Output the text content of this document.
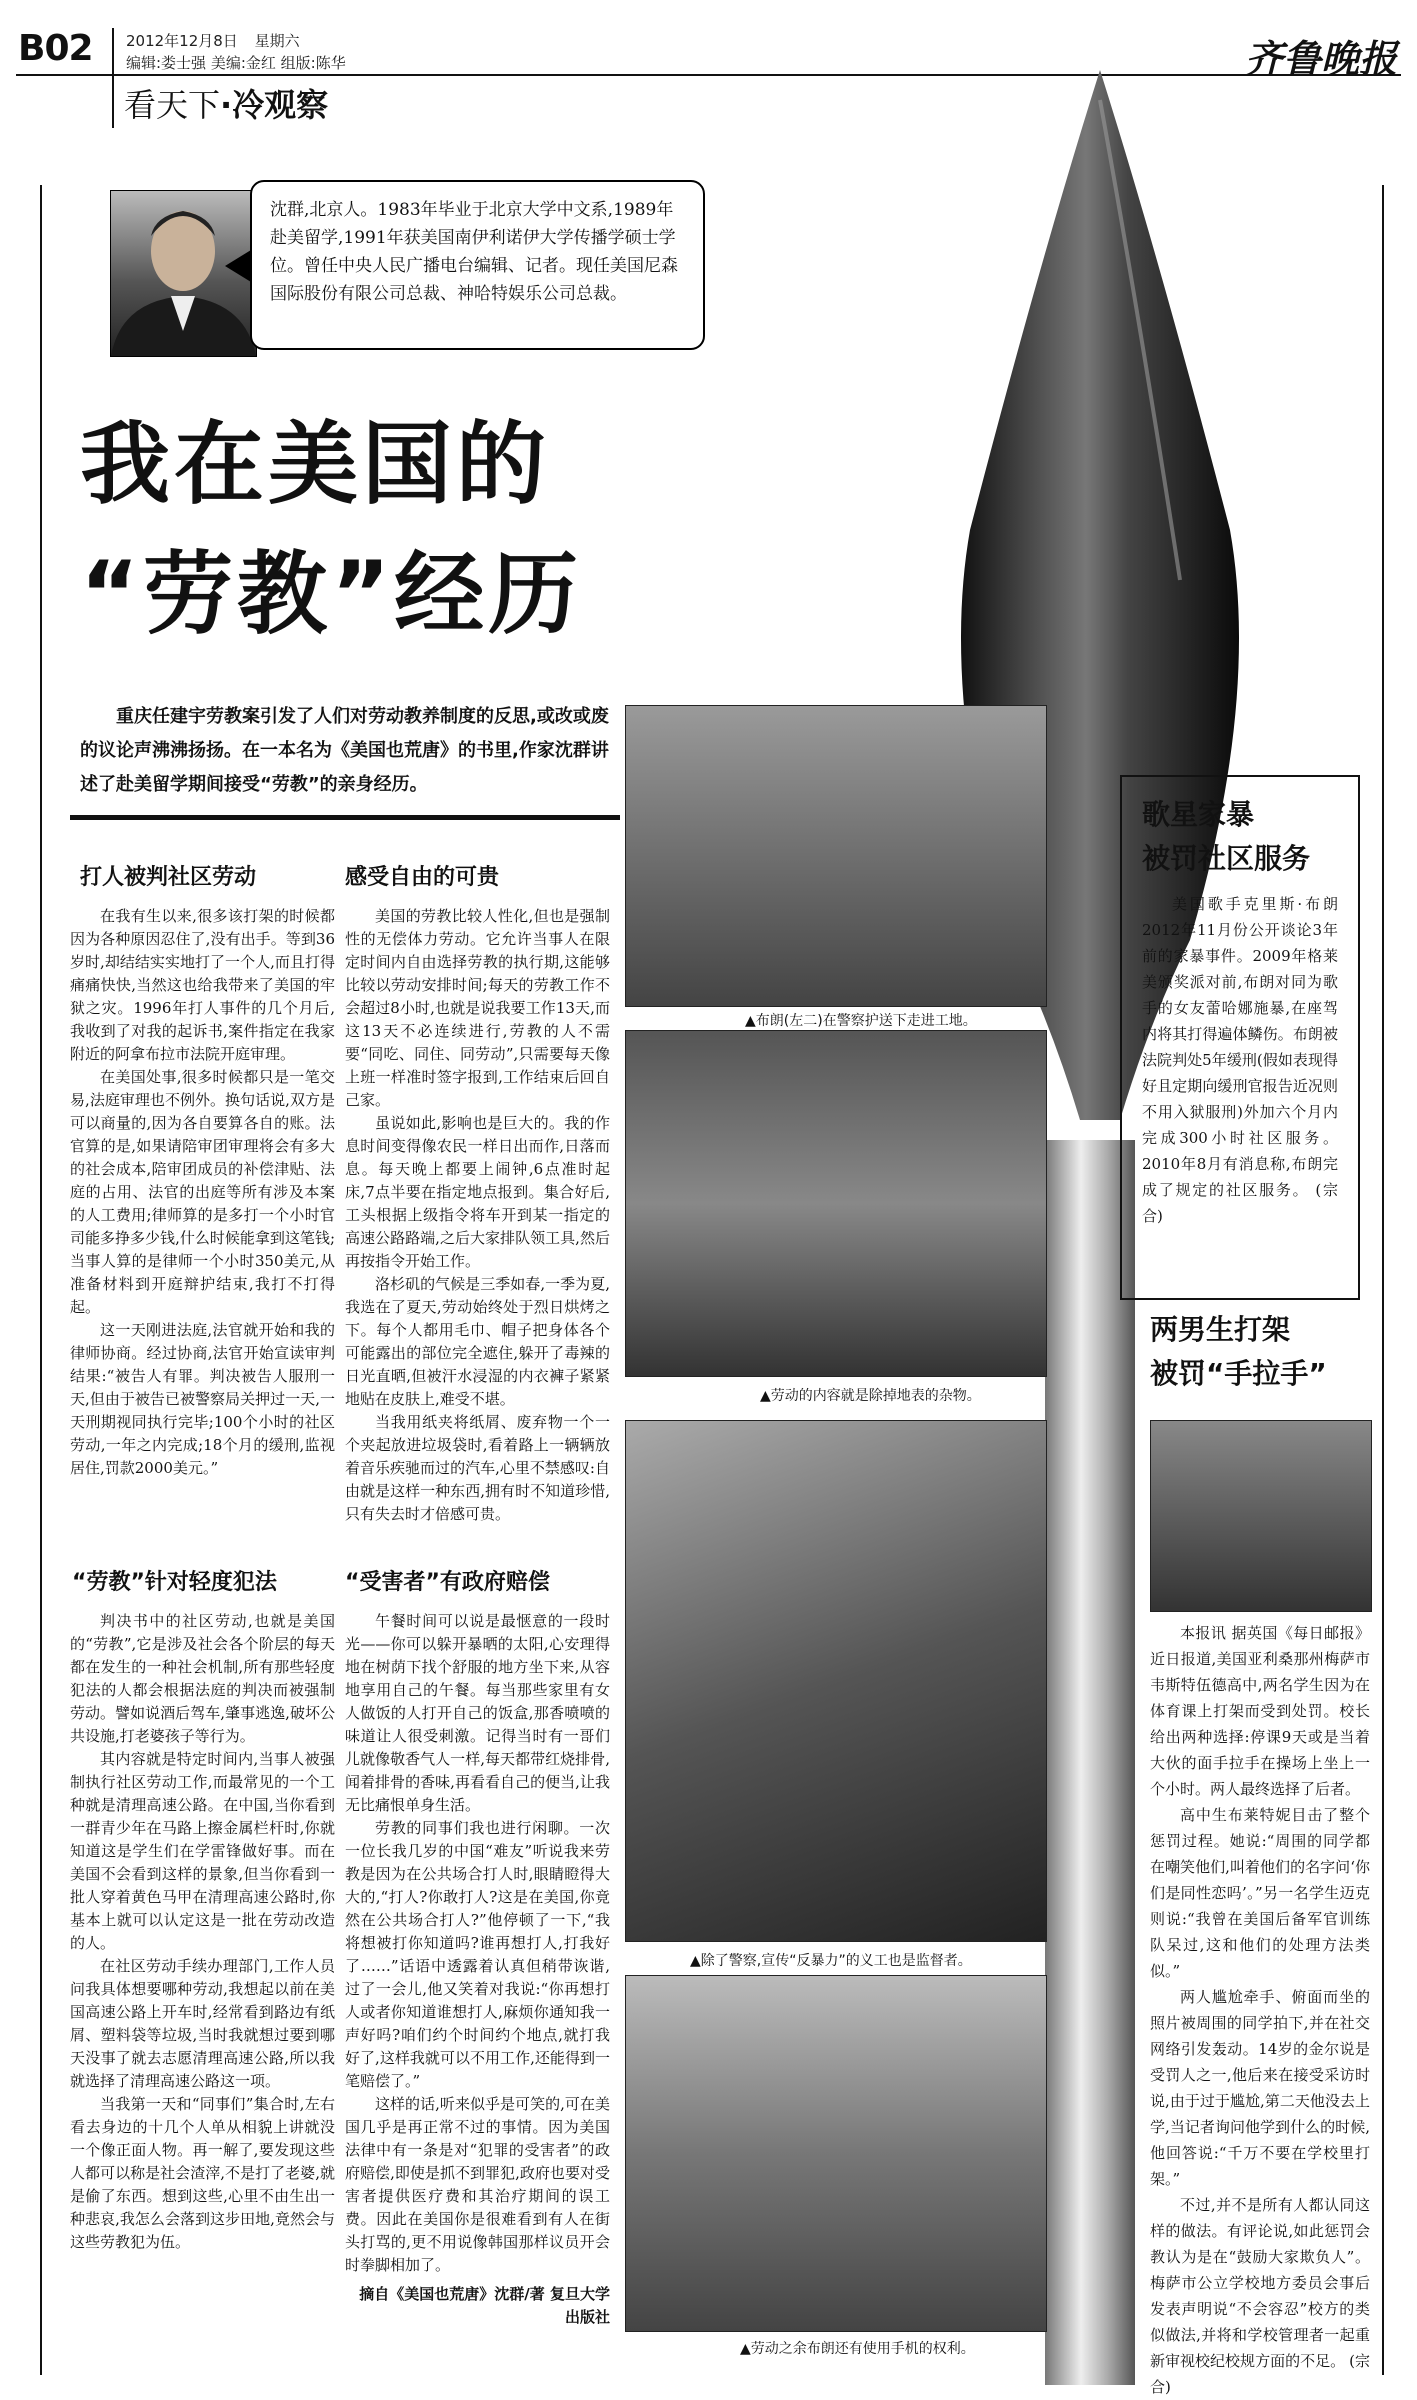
B02 2012年12月8日 星期六
编辑:娄士强 美编:金红 组版:陈华	齐鲁晚报
看天下·冷观察
沈群,北京人。1983年毕业于北京大学中文系,1989年赴美留学,1991年获美国南伊利诺伊大学传播学硕士学位。曾任中央人民广播电台编辑、记者。现任美国尼森国际股份有限公司总裁、神哈特娱乐公司总裁。
我在美国的
“劳教”经历
重庆任建宇劳教案引发了人们对劳动教养制度的反思,或改或废的议论声沸沸扬扬。在一本名为《美国也荒唐》的书里,作家沈群讲述了赴美留学期间接受“劳教”的亲身经历。
打人被判社区劳动

在我有生以来,很多该打架的时候都因为各种原因忍住了,没有出手。等到36岁时,却结结实实地打了一个人,而且打得痛痛快快,当然这也给我带来了美国的牢狱之灾。1996年打人事件的几个月后,我收到了对我的起诉书,案件指定在我家附近的阿拿布拉市法院开庭审理。

在美国处事,很多时候都只是一笔交易,法庭审理也不例外。换句话说,双方是可以商量的,因为各自要算各自的账。法官算的是,如果请陪审团审理将会有多大的社会成本,陪审团成员的补偿津贴、法庭的占用、法官的出庭等所有涉及本案的人工费用;律师算的是多打一个小时官司能多挣多少钱,什么时候能拿到这笔钱;当事人算的是律师一个小时350美元,从准备材料到开庭辩护结束,我打不打得起。

这一天刚进法庭,法官就开始和我的律师协商。经过协商,法官开始宣读审判结果:“被告人有罪。判决被告人服刑一天,但由于被告已被警察局关押过一天,一天刑期视同执行完毕;100个小时的社区劳动,一年之内完成;18个月的缓刑,监视居住,罚款2000美元。”

“劳教”针对轻度犯法

判决书中的社区劳动,也就是美国的“劳教”,它是涉及社会各个阶层的每天都在发生的一种社会机制,所有那些轻度犯法的人都会根据法庭的判决而被强制劳动。譬如说酒后驾车,肇事逃逸,破坏公共设施,打老婆孩子等行为。

其内容就是特定时间内,当事人被强制执行社区劳动工作,而最常见的一个工种就是清理高速公路。在中国,当你看到一群青少年在马路上擦金属栏杆时,你就知道这是学生们在学雷锋做好事。而在美国不会看到这样的景象,但当你看到一批人穿着黄色马甲在清理高速公路时,你基本上就可以认定这是一批在劳动改造的人。

在社区劳动手续办理部门,工作人员问我具体想要哪种劳动,我想起以前在美国高速公路上开车时,经常看到路边有纸屑、塑料袋等垃圾,当时我就想过要到哪天没事了就去志愿清理高速公路,所以我就选择了清理高速公路这一项。

当我第一天和“同事们”集合时,左右看去身边的十几个人单从相貌上讲就没一个像正面人物。再一解了,要发现这些人都可以称是社会渣滓,不是打了老婆,就是偷了东西。想到这些,心里不由生出一种悲哀,我怎么会落到这步田地,竟然会与这些劳教犯为伍。

感受自由的可贵

美国的劳教比较人性化,但也是强制性的无偿体力劳动。它允许当事人在限定时间内自由选择劳教的执行期,这能够比较以劳动安排时间;每天的劳教工作不会超过8小时,也就是说我要工作13天,而这13天不必连续进行,劳教的人不需要“同吃、同住、同劳动”,只需要每天像上班一样准时签字报到,工作结束后回自己家。

虽说如此,影响也是巨大的。我的作息时间变得像农民一样日出而作,日落而息。每天晚上都要上闹钟,6点准时起床,7点半要在指定地点报到。集合好后,工头根据上级指令将车开到某一指定的高速公路路端,之后大家排队领工具,然后再按指令开始工作。

洛杉矶的气候是三季如春,一季为夏,我选在了夏天,劳动始终处于烈日烘烤之下。每个人都用毛巾、帽子把身体各个可能露出的部位完全遮住,躲开了毒辣的日光直晒,但被汗水浸湿的内衣褲子紧紧地贴在皮肤上,难受不堪。

当我用纸夹将纸屑、废弃物一个一个夹起放进垃圾袋时,看着路上一辆辆放着音乐疾驰而过的汽车,心里不禁感叹:自由就是这样一种东西,拥有时不知道珍惜,只有失去时才倍感可贵。

“受害者”有政府赔偿

午餐时间可以说是最惬意的一段时光——你可以躲开暴晒的太阳,心安理得地在树荫下找个舒服的地方坐下来,从容地享用自己的午餐。每当那些家里有女人做饭的人打开自己的饭盒,那香喷喷的味道让人很受刺激。记得当时有一哥们儿就像敬香气人一样,每天都带红烧排骨,闻着排骨的香味,再看看自己的便当,让我无比痛恨单身生活。

劳教的同事们我也进行闲聊。一次一位长我几岁的中国“难友”听说我来劳教是因为在公共场合打人时,眼睛瞪得大大的,“打人?你敢打人?这是在美国,你竟然在公共场合打人?”他停顿了一下,“我将想被打你知道吗?谁再想打人,打我好了……”话语中透露着认真但稍带诙谐,过了一会儿,他又笑着对我说:“你再想打人或者你知道谁想打人,麻烦你通知我一声好吗?咱们约个时间约个地点,就打我好了,这样我就可以不用工作,还能得到一笔赔偿了。”

这样的话,听来似乎是可笑的,可在美国几乎是再正常不过的事情。因为美国法律中有一条是对“犯罪的受害者”的政府赔偿,即使是抓不到罪犯,政府也要对受害者提供医疗费和其治疗期间的误工费。因此在美国你是很难看到有人在街头打骂的,更不用说像韩国那样议员开会时拳脚相加了。

摘自《美国也荒唐》沈群/著 复旦大学出版社

▲布朗(左二)在警察护送下走进工地。
▲劳动的内容就是除掉地表的杂物。
▲除了警察,宣传“反暴力”的义工也是监督者。
▲劳动之余布朗还有使用手机的权利。
歌星家暴
被罚社区服务
美国歌手克里斯·布朗2012年11月份公开谈论3年前的家暴事件。2009年格莱美颁奖派对前,布朗对同为歌手的女友蕾哈娜施暴,在座驾内将其打得遍体鳞伤。布朗被法院判处5年缓刑(假如表现得好且定期向缓刑官报告近况则不用入狱服刑)外加六个月内完成300小时社区服务。2010年8月有消息称,布朗完成了规定的社区服务。 (宗合)
两男生打架
被罚“手拉手”
本报讯 据英国《每日邮报》近日报道,美国亚利桑那州梅萨市韦斯特伍德高中,两名学生因为在体育课上打架而受到处罚。校长给出两种选择:停课9天或是当着大伙的面手拉手在操场上坐上一个小时。两人最终选择了后者。
高中生布莱特妮目击了整个惩罚过程。她说:“周围的同学都在嘲笑他们,叫着他们的名字问‘你们是同性恋吗’。”另一名学生迈克则说:“我曾在美国后备军官训练队呆过,这和他们的处理方法类似。”
两人尴尬牵手、俯面而坐的照片被周围的同学拍下,并在社交网络引发轰动。14岁的金尔说是受罚人之一,他后来在接受采访时说,由于过于尴尬,第二天他没去上学,当记者询问他学到什么的时候,他回答说:“千万不要在学校里打架。”
不过,并不是所有人都认同这样的做法。有评论说,如此惩罚会教认为是在“鼓励大家欺负人”。梅萨市公立学校地方委员会事后发表声明说“不会容忍”校方的类似做法,并将和学校管理者一起重新审视校纪校规方面的不足。 (宗合)
